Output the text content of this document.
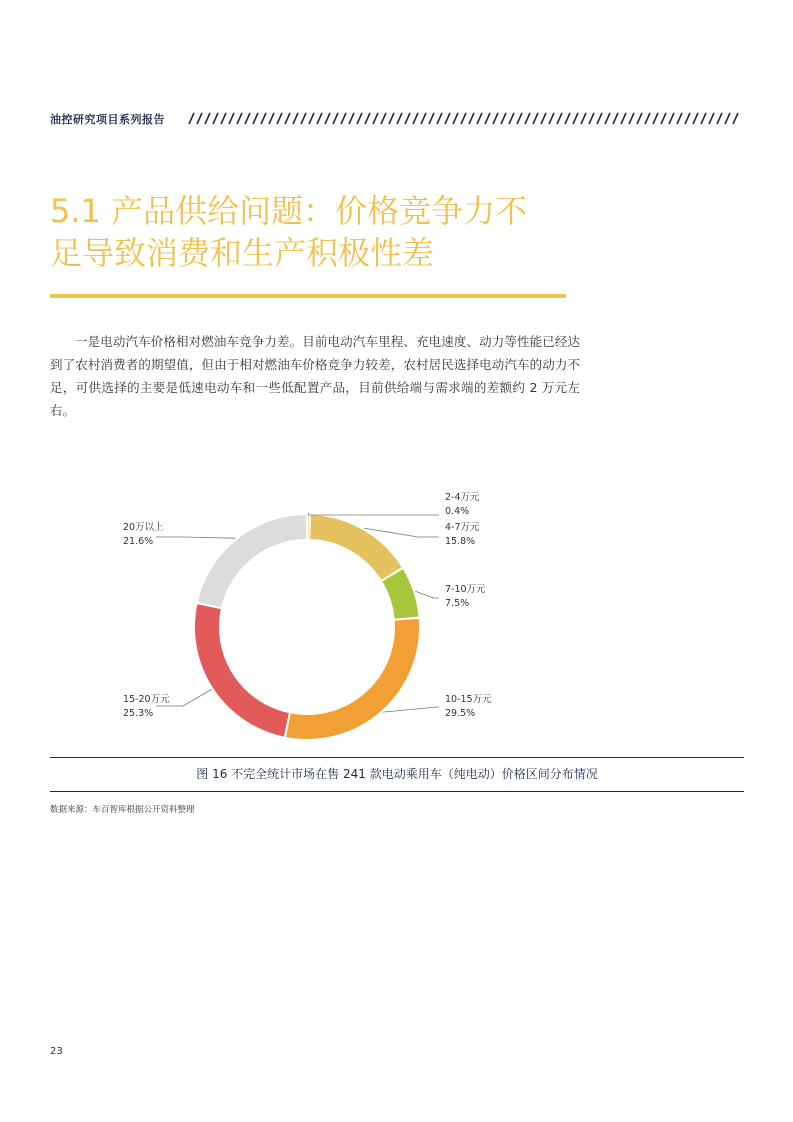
油控研究项目系列报告
5.1 产品供给问题：价格竞争力不
足导致消费和生产积极性差

一是电动汽车价格相对燃油车竞争力差。目前电动汽车里程、充电速度、动力等性能已经达到了农村消费者的期望值，但由于相对燃油车价格竞争力较差，农村居民选择电动汽车的动力不足，可供选择的主要是低速电动车和一些低配置产品，目前供给端与需求端的差额约 2 万元左右。

2-4万元
0.4%
4-7万元
15.8%
7-10万元
7.5%
10-15万元
29.5%
15-20万元
25.3%
20万以上
21.6%
图 16 不完全统计市场在售 241 款电动乘用车（纯电动）价格区间分布情况
数据来源：车百智库根据公开资料整理
23
